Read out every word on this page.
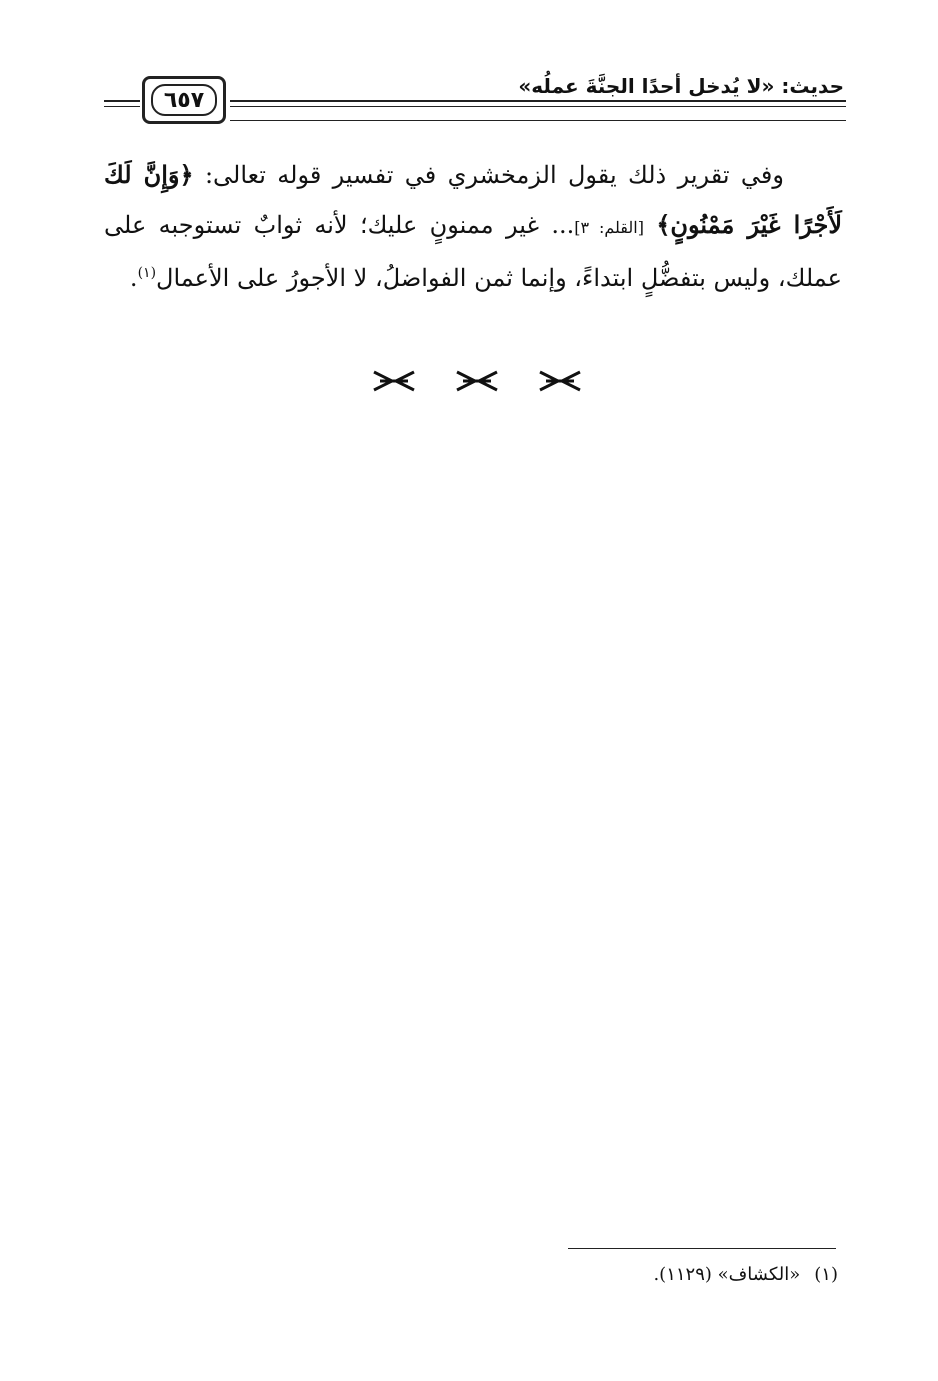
حديث: «لا يُدخل أحدًا الجنَّةَ عملُه»
٦٥٧
وفي تقرير ذلك يقول الزمخشري في تفسير قوله تعالى: ﴿وَإِنَّ لَكَ لَأَجْرًا غَيْرَ مَمْنُونٍ﴾ [القلم: ٣]... غير ممنونٍ عليك؛ لأنه ثوابٌ تستوجبه على عملك، وليس بتفضُّلٍ ابتداءً، وإنما ثمن الفواضلُ، لا الأجورُ على الأعمال$^{(١)}$.
(١)«الكشاف» (١١٢٩).
